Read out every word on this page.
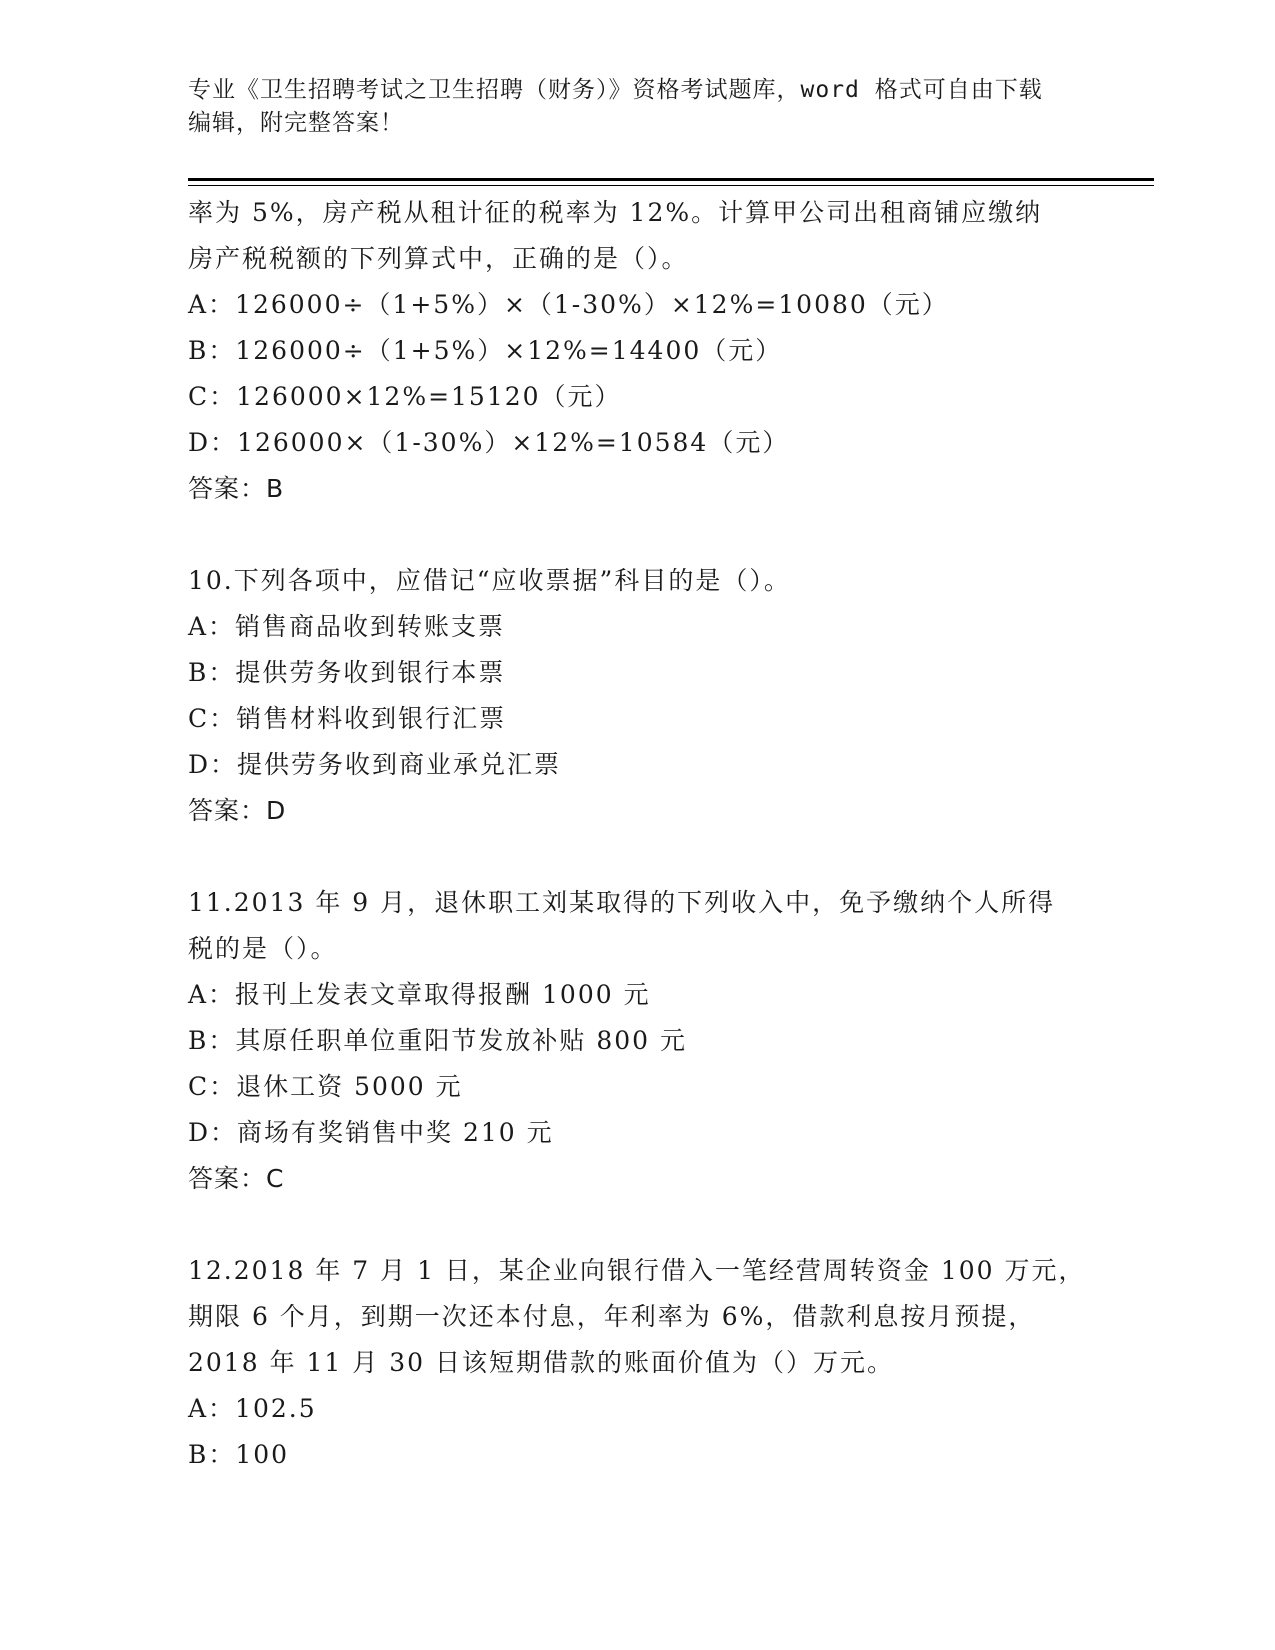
专业《卫生招聘考试之卫生招聘（财务）》资格考试题库，word 格式可自由下载
编辑，附完整答案！
率为 5%，房产税从租计征的税率为 12%。计算甲公司出租商铺应缴纳
房产税税额的下列算式中，正确的是（）。
A：126000÷（1+5%）×（1-30%）×12%=10080（元）
B：126000÷（1+5%）×12%=14400（元）
C：126000×12%=15120（元）
D：126000×（1-30%）×12%=10584（元）
答案：B
10.下列各项中，应借记“应收票据”科目的是（）。
A：销售商品收到转账支票
B：提供劳务收到银行本票
C：销售材料收到银行汇票
D：提供劳务收到商业承兑汇票
答案：D
11.2013 年 9 月，退休职工刘某取得的下列收入中，免予缴纳个人所得
税的是（）。
A：报刊上发表文章取得报酬 1000 元
B：其原任职单位重阳节发放补贴 800 元
C：退休工资 5000 元
D：商场有奖销售中奖 210 元
答案：C
12.2018 年 7 月 1 日，某企业向银行借入一笔经营周转资金 100 万元，
期限 6 个月，到期一次还本付息，年利率为 6%，借款利息按月预提，
2018 年 11 月 30 日该短期借款的账面价值为（）万元。
A：102.5
B：100
